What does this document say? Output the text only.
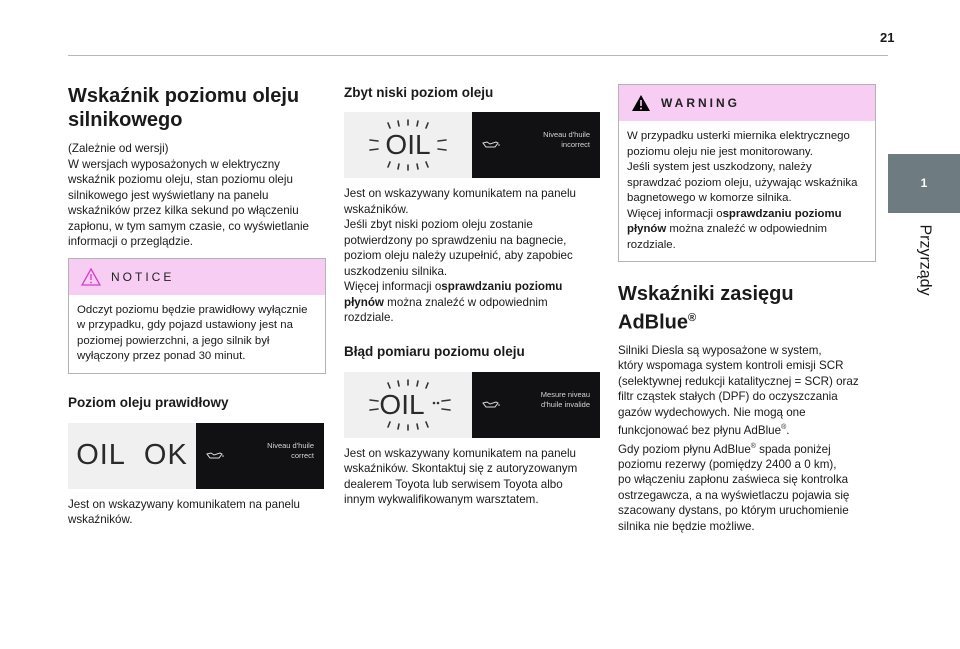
21
1
Przyrządy
Wskaźnik poziomu oleju silnikowego

(Zależnie od wersji)

W wersjach wyposażonych w elektryczny

wskaźnik poziomu oleju, stan poziomu oleju

silnikowego jest wyświetlany na panelu

wskaźników przez kilka sekund po włączeniu

zapłonu, w tym samym czasie, co wyświetlanie

informacji o przeglądzie.

NOTICE

Odczyt poziomu będzie prawidłowy wyłącznie

w przypadku, gdy pojazd ustawiony jest na

poziomej powierzchni, a jego silnik był

wyłączony przez ponad 30 minut.

Poziom oleju prawidłowy
OIL OK	Niveau d'huile correct

Jest on wskazywany komunikatem na panelu

wskaźników.

Zbyt niski poziom oleju
OIL	Niveau d'huile incorrect

Jest on wskazywany komunikatem na panelu

wskaźników.

Jeśli zbyt niski poziom oleju zostanie

potwierdzony po sprawdzeniu na bagnecie,

poziom oleju należy uzupełnić, aby zapobiec

uszkodzeniu silnika.

Więcej informacji osprawdzaniu poziomu

płynów można znaleźć w odpowiednim

rozdziale.

Błąd pomiaru poziomu oleju
OIL	Mesure niveau d'huile invalide

Jest on wskazywany komunikatem na panelu

wskaźników. Skontaktuj się z autoryzowanym

dealerem Toyota lub serwisem Toyota albo

innym wykwalifikowanym warsztatem.

WARNING

W przypadku usterki miernika elektrycznego

poziomu oleju nie jest monitorowany.

Jeśli system jest uszkodzony, należy

sprawdzać poziom oleju, używając wskaźnika

bagnetowego w komorze silnika.

Więcej informacji osprawdzaniu poziomu

płynów można znaleźć w odpowiednim

rozdziale.

Wskaźniki zasięgu AdBlue®

Silniki Diesla są wyposażone w system,

który wspomaga system kontroli emisji SCR

(selektywnej redukcji katalitycznej = SCR) oraz

filtr cząstek stałych (DPF) do oczyszczania

gazów wydechowych. Nie mogą one

funkcjonować bez płynu AdBlue®.

Gdy poziom płynu AdBlue® spada poniżej

poziomu rezerwy (pomiędzy 2400 a 0 km),

po włączeniu zapłonu zaświeca się kontrolka

ostrzegawcza, a na wyświetlaczu pojawia się

szacowany dystans, po którym uruchomienie

silnika nie będzie możliwe.
